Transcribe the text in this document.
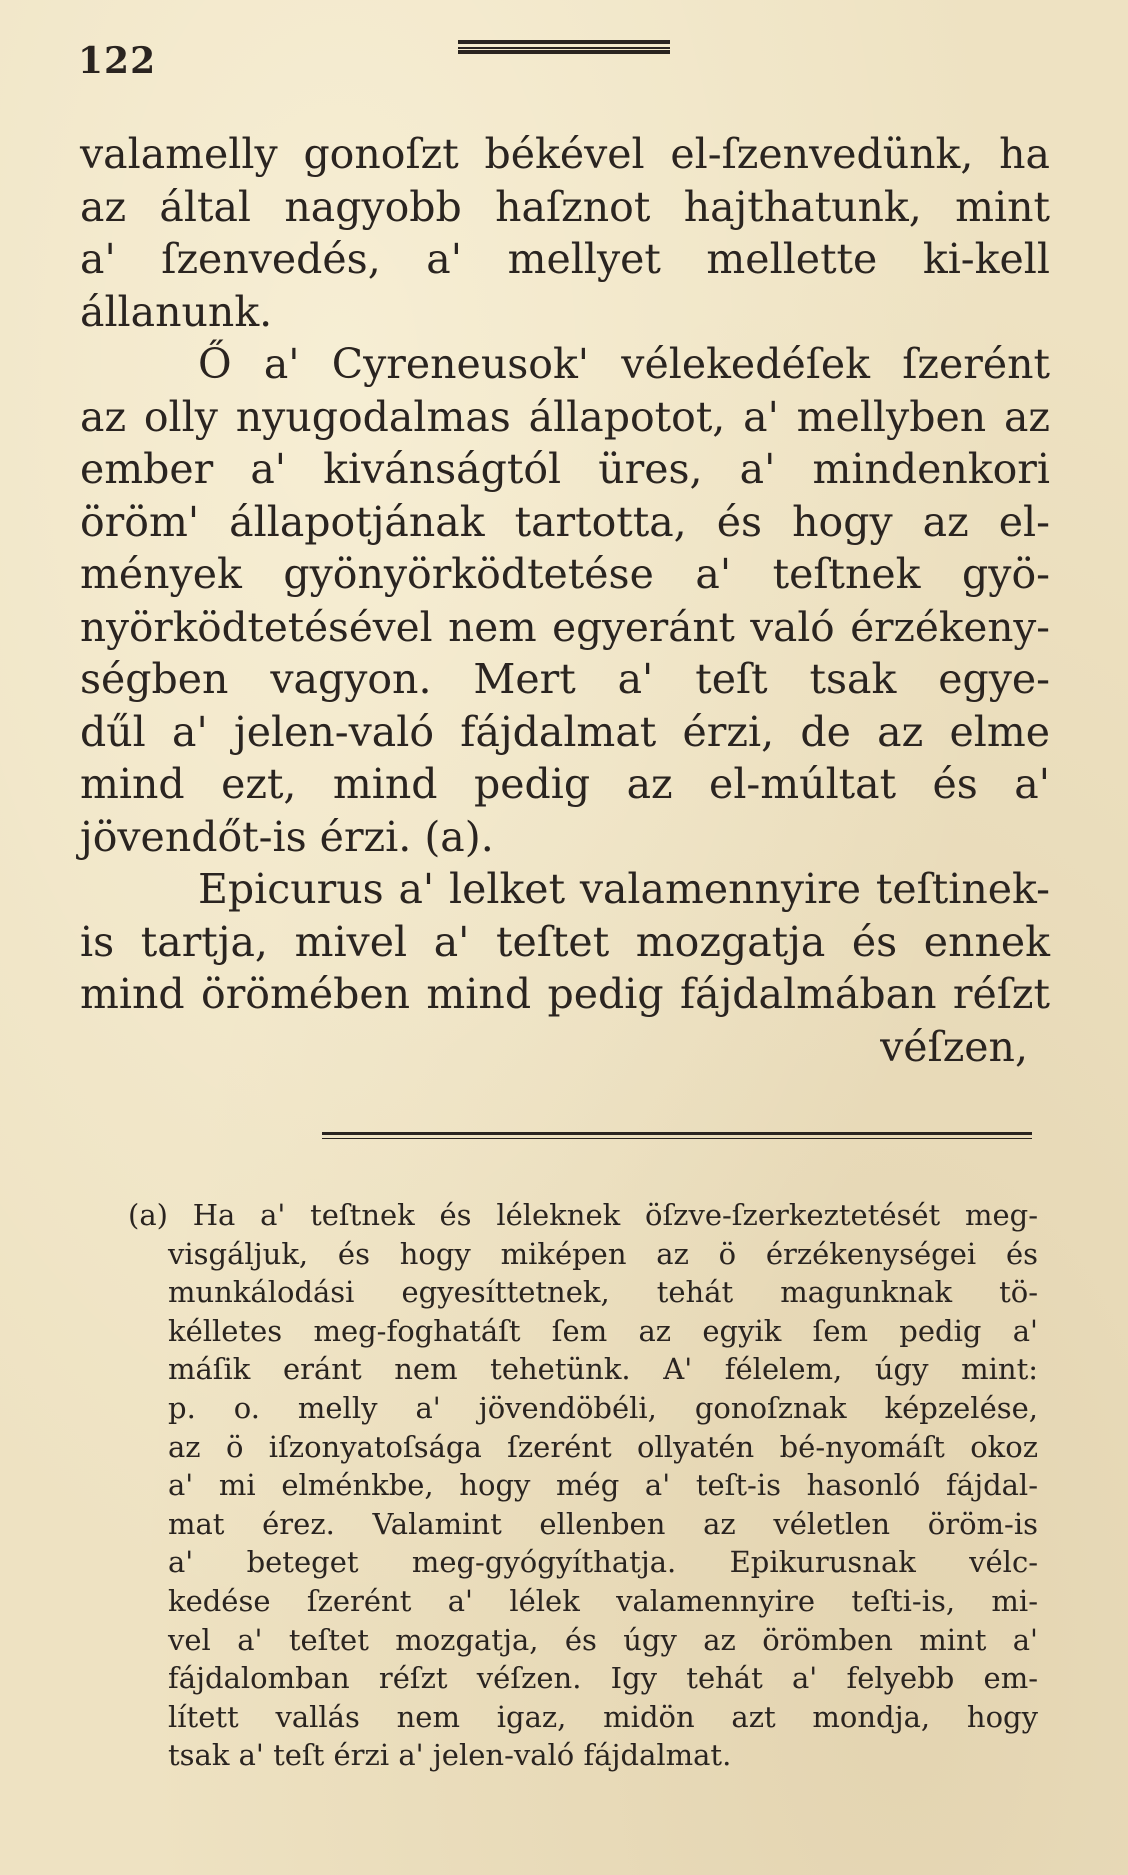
122
valamelly gonoſzt békével el-ſzenvedünk, ha
az által nagyobb haſznot hajthatunk, mint
a' ſzenvedés, a' mellyet mellette ki-kell
állanunk.
Ő a' Cyreneusok' vélekedéſek ſzerént
az olly nyugodalmas állapotot, a' mellyben az
ember a' kivánságtól üres, a' mindenkori
öröm' állapotjának tartotta, és hogy az el-
mények gyönyörködtetése a' teſtnek gyö-
nyörködtetésével nem egyeránt való érzékeny-
ségben vagyon. Mert a' teſt tsak egye-
dűl a' jelen-való fájdalmat érzi, de az elme
mind ezt, mind pedig az el-múltat és a'
jövendőt-is érzi. (a).
Epicurus a' lelket valamennyire teſtinek-
is tartja, mivel a' teſtet mozgatja és ennek
mind örömében mind pedig fájdalmában réſzt
véſzen,
(a) Ha a' teſtnek és léleknek öſzve-ſzerkeztetését meg-
visgáljuk, és hogy miképen az ö érzékenységei és
munkálodási egyesíttetnek, tehát magunknak tö-
kélletes meg-foghatáſt ſem az egyik ſem pedig a'
máſik eránt nem tehetünk. A' félelem, úgy mint:
p. o. melly a' jövendöbéli, gonoſznak képzelése,
az ö iſzonyatoſsága ſzerént ollyatén bé-nyomáſt okoz
a' mi elménkbe, hogy még a' teſt-is hasonló fájdal-
mat érez. Valamint ellenben az véletlen öröm-is
a' beteget meg-gyógyíthatja. Epikurusnak vélc-
kedése ſzerént a' lélek valamennyire teſti-is, mi-
vel a' teſtet mozgatja, és úgy az örömben mint a'
fájdalomban réſzt véſzen. Igy tehát a' felyebb em-
lített vallás nem igaz, midön azt mondja, hogy
tsak a' teſt érzi a' jelen-való fájdalmat.
